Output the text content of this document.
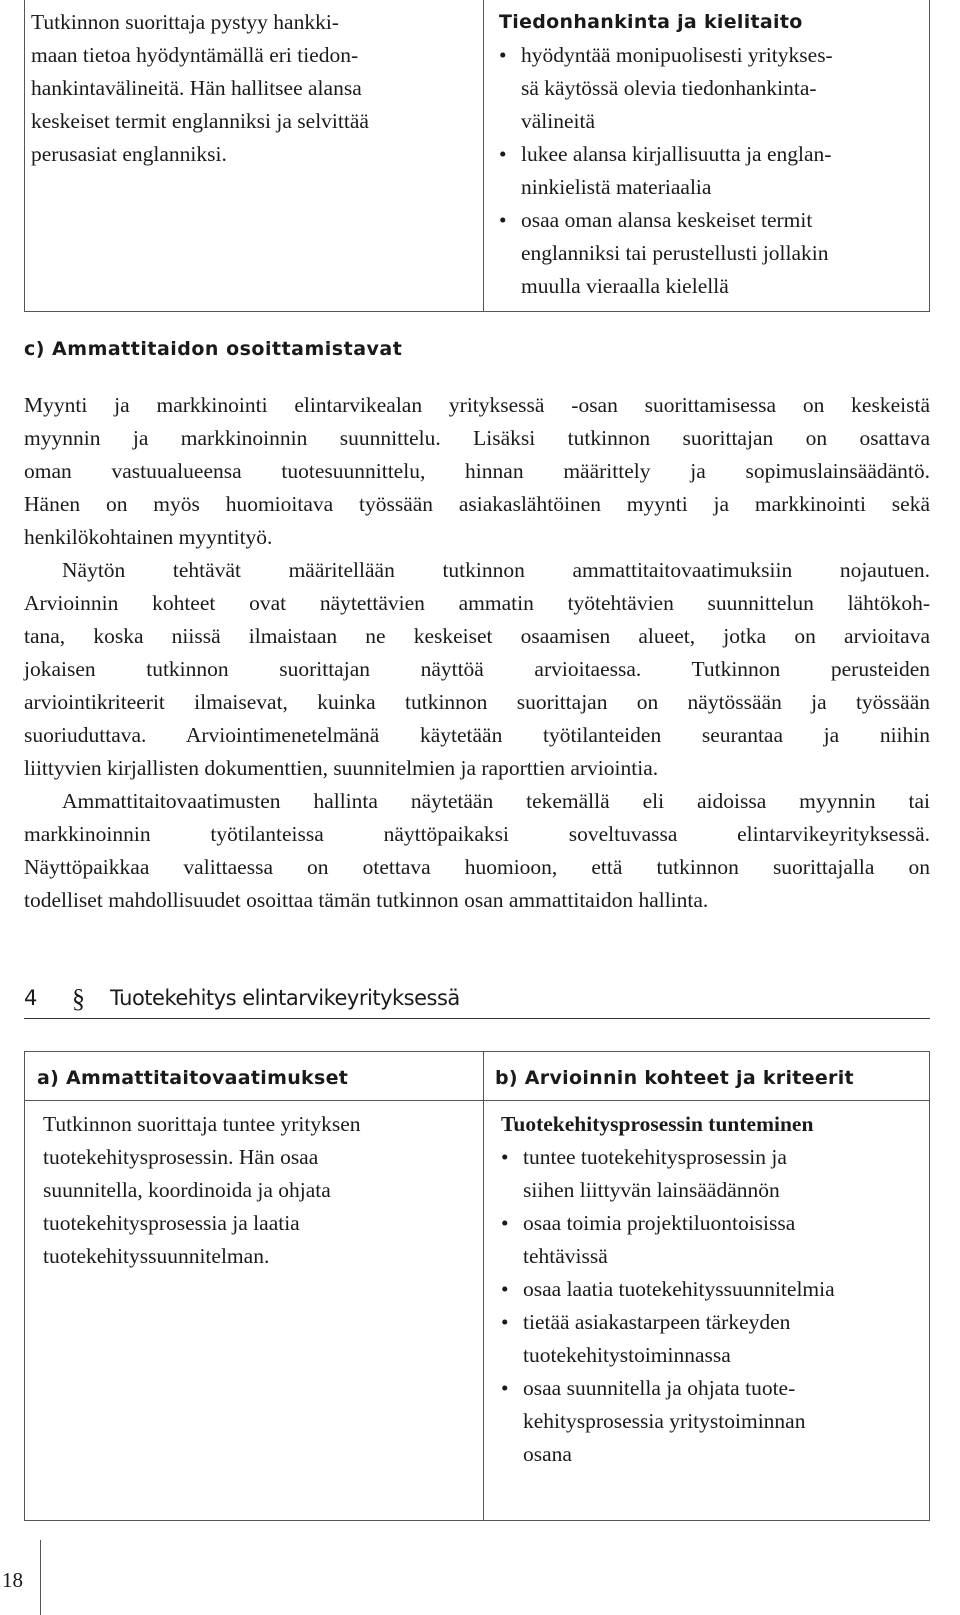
Tutkinnon suorittaja pystyy hankki-
maan tietoa hyödyntämällä eri tiedon-
hankintavälineitä. Hän hallitsee alansa
keskeiset termit englanniksi ja selvittää
perusasiat englanniksi.
Tiedonhankinta ja kielitaito
• hyödyntää monipuolisesti yritykses-
sä käytössä olevia tiedonhankinta-
välineitä
• lukee alansa kirjallisuutta ja englan-
ninkielistä materiaalia
• osaa oman alansa keskeiset termit
englanniksi tai perustellusti jollakin
muulla vieraalla kielellä
c) Ammattitaidon osoittamistavat
Myynti ja markkinointi elintarvikealan yrityksessä -osan suorittamisessa on keskeistä
myynnin ja markkinoinnin suunnittelu. Lisäksi tutkinnon suorittajan on osattava
oman vastuualueensa tuotesuunnittelu, hinnan määrittely ja sopimuslainsäädäntö.
Hänen on myös huomioitava työssään asiakaslähtöinen myynti ja markkinointi sekä
henkilökohtainen myyntityö.
Näytön tehtävät määritellään tutkinnon ammattitaitovaatimuksiin nojautuen.
Arvioinnin kohteet ovat näytettävien ammatin työtehtävien suunnittelun lähtökoh-
tana, koska niissä ilmaistaan ne keskeiset osaamisen alueet, jotka on arvioitava
jokaisen tutkinnon suorittajan näyttöä arvioitaessa. Tutkinnon perusteiden
arviointikriteerit ilmaisevat, kuinka tutkinnon suorittajan on näytössään ja työssään
suoriuduttava. Arviointimenetelmänä käytetään työtilanteiden seurantaa ja niihin
liittyvien kirjallisten dokumenttien, suunnitelmien ja raporttien arviointia.
Ammattitaitovaatimusten hallinta näytetään tekemällä eli aidoissa myynnin tai
markkinoinnin työtilanteissa näyttöpaikaksi soveltuvassa elintarvikeyrityksessä.
Näyttöpaikkaa valittaessa on otettava huomioon, että tutkinnon suorittajalla on
todelliset mahdollisuudet osoittaa tämän tutkinnon osan ammattitaidon hallinta.
4 § Tuotekehitys elintarvikeyrityksessä
a) Ammattitaitovaatimukset	b) Arvioinnin kohteet ja kriteerit
Tutkinnon suorittaja tuntee yrityksen
tuotekehitysprosessin. Hän osaa
suunnitella, koordinoida ja ohjata
tuotekehitysprosessia ja laatia
tuotekehityssuunnitelman.
Tuotekehitysprosessin tunteminen
• tuntee tuotekehitysprosessin ja
siihen liittyvän lainsäädännön
• osaa toimia projektiluontoisissa
tehtävissä
• osaa laatia tuotekehityssuunnitelmia
• tietää asiakastarpeen tärkeyden
tuotekehitystoiminnassa
• osaa suunnitella ja ohjata tuote-
kehitysprosessia yritystoiminnan
osana
18
